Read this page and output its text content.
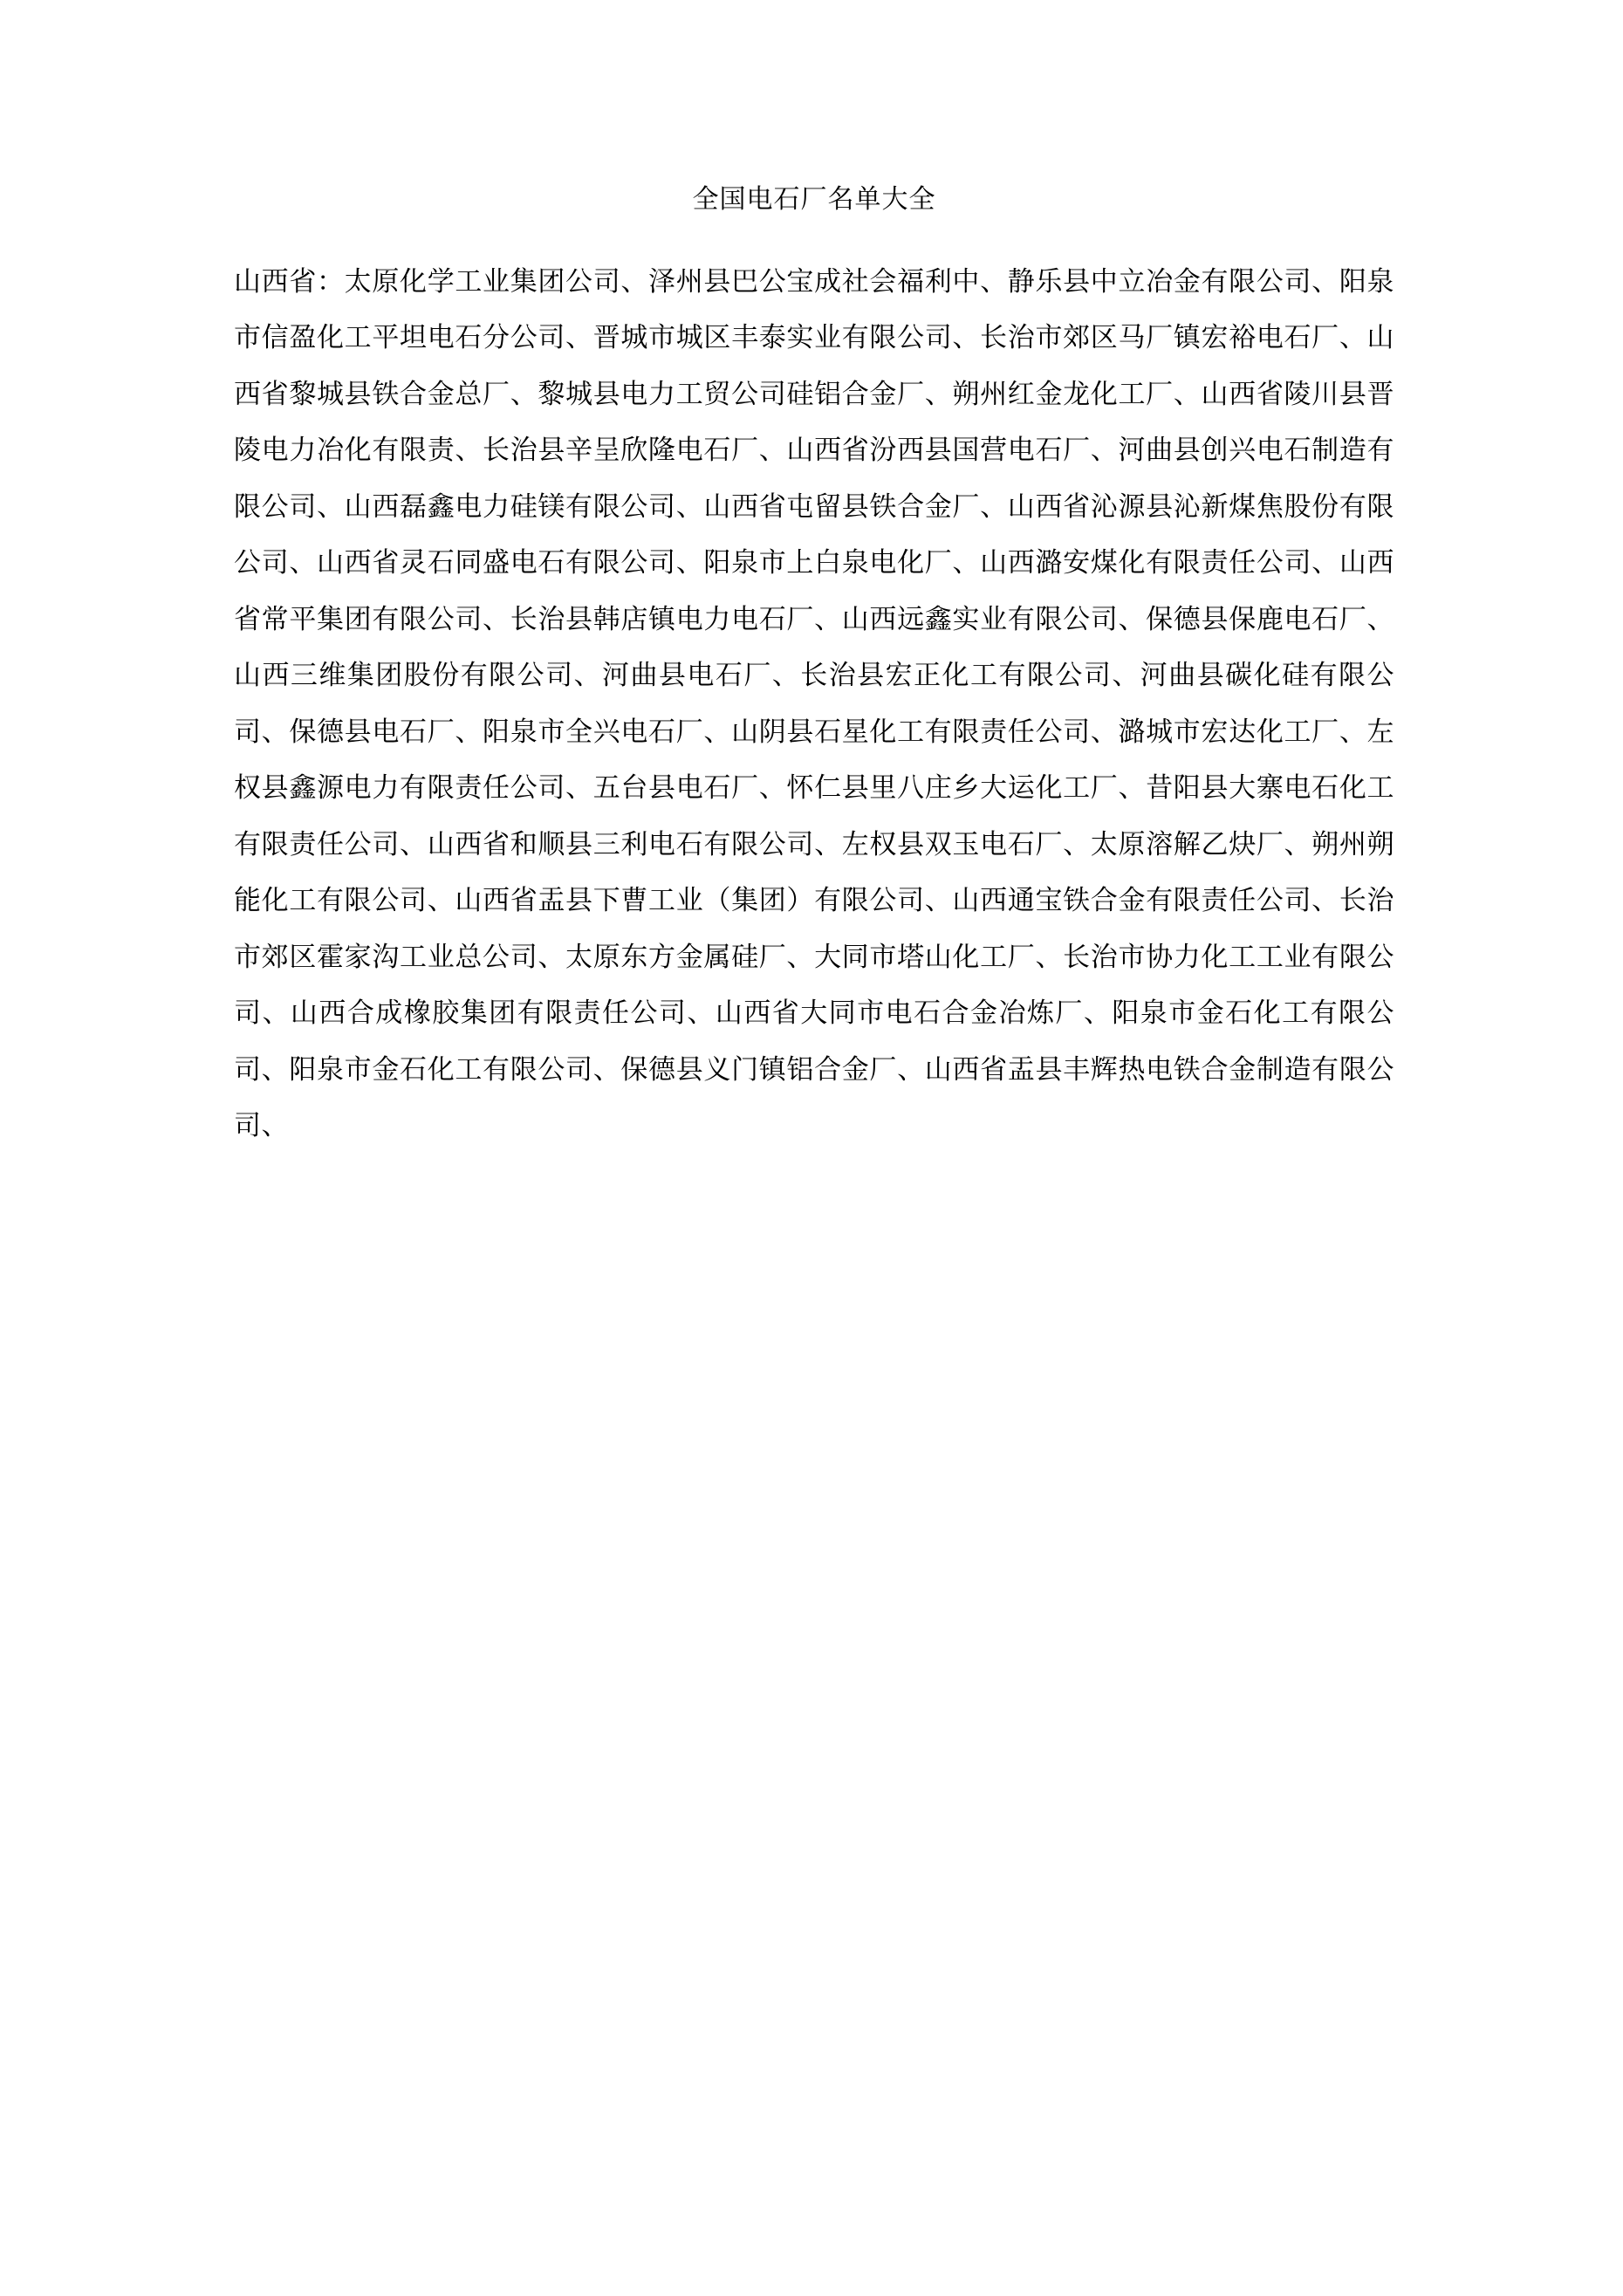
全国电石厂名单大全
山西省：太原化学工业集团公司、泽州县巴公宝成社会福利中、静乐县中立冶金有限公司、阳泉市信盈化工平坦电石分公司、晋城市城区丰泰实业有限公司、长治市郊区马厂镇宏裕电石厂、山西省黎城县铁合金总厂、黎城县电力工贸公司硅铝合金厂、朔州红金龙化工厂、山西省陵川县晋陵电力冶化有限责、长治县辛呈欣隆电石厂、山西省汾西县国营电石厂、河曲县创兴电石制造有限公司、山西磊鑫电力硅镁有限公司、山西省屯留县铁合金厂、山西省沁源县沁新煤焦股份有限公司、山西省灵石同盛电石有限公司、阳泉市上白泉电化厂、山西潞安煤化有限责任公司、山西省常平集团有限公司、长治县韩店镇电力电石厂、山西远鑫实业有限公司、保德县保鹿电石厂、山西三维集团股份有限公司、河曲县电石厂、长治县宏正化工有限公司、河曲县碳化硅有限公司、保德县电石厂、阳泉市全兴电石厂、山阴县石星化工有限责任公司、潞城市宏达化工厂、左权县鑫源电力有限责任公司、五台县电石厂、怀仁县里八庄乡大运化工厂、昔阳县大寨电石化工有限责任公司、山西省和顺县三利电石有限公司、左权县双玉电石厂、太原溶解乙炔厂、朔州朔能化工有限公司、山西省盂县下曹工业（集团）有限公司、山西通宝铁合金有限责任公司、长治市郊区霍家沟工业总公司、太原东方金属硅厂、大同市塔山化工厂、长治市协力化工工业有限公司、山西合成橡胶集团有限责任公司、山西省大同市电石合金冶炼厂、阳泉市金石化工有限公司、阳泉市金石化工有限公司、保德县义门镇铝合金厂、山西省盂县丰辉热电铁合金制造有限公司、
